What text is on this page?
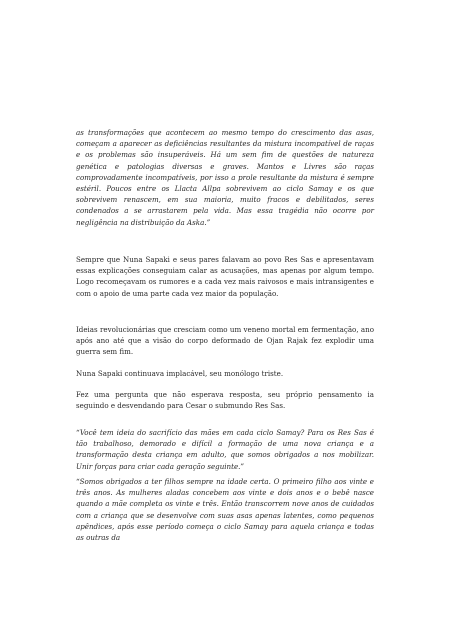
as transformações que acontecem ao mesmo tempo do crescimento das asas, começam a aparecer as deficiências resultantes da mistura incompatível de raças e os problemas são insuperáveis. Há um sem fim de questões de natureza genética e patologias diversas e graves. Mantos e Livres são raças comprovadamente incompatíveis, por isso a prole resultante da mistura é sempre estéril. Poucos entre os Llacta Allpa sobrevivem ao ciclo Samay e os que sobrevivem renascem, em sua maioria, muito fracos e debilitados, seres condenados a se arrastarem pela vida. Mas essa tragédia não ocorre por negligência na distribuição da Aska.”

Sempre que Nuna Sapaki e seus pares falavam ao povo Res Sas e apresentavam essas explicações conseguiam calar as acusações, mas apenas por algum tempo. Logo recomeçavam os rumores e a cada vez mais raivosos e mais intransigentes e com o apoio de uma parte cada vez maior da população.

Ideias revolucionárias que cresciam como um veneno mortal em fermentação, ano após ano até que a visão do corpo deformado de Ojan Rajak fez explodir uma guerra sem fim.

Nuna Sapaki continuava implacável, seu monólogo triste.

Fez uma pergunta que não esperava resposta, seu próprio pensamento ia seguindo e desvendando para Cesar o submundo Res Sas.

“Você tem ideia do sacrifício das mães em cada ciclo Samay? Para os Res Sas é tão trabalhoso, demorado e difícil a formação de uma nova criança e a transformação desta criança em adulto, que somos obrigados a nos mobilizar. Unir forças para criar cada geração seguinte.”

“Somos obrigados a ter filhos sempre na idade certa. O primeiro filho aos vinte e três anos. As mulheres aladas concebem aos vinte e dois anos e o bebê nasce quando a mãe completa os vinte e três. Então transcorrem nove anos de cuidados com a criança que se desenvolve com suas asas apenas latentes, como pequenos apêndices, após esse período começa o ciclo Samay para aquela criança e todas as outras da
